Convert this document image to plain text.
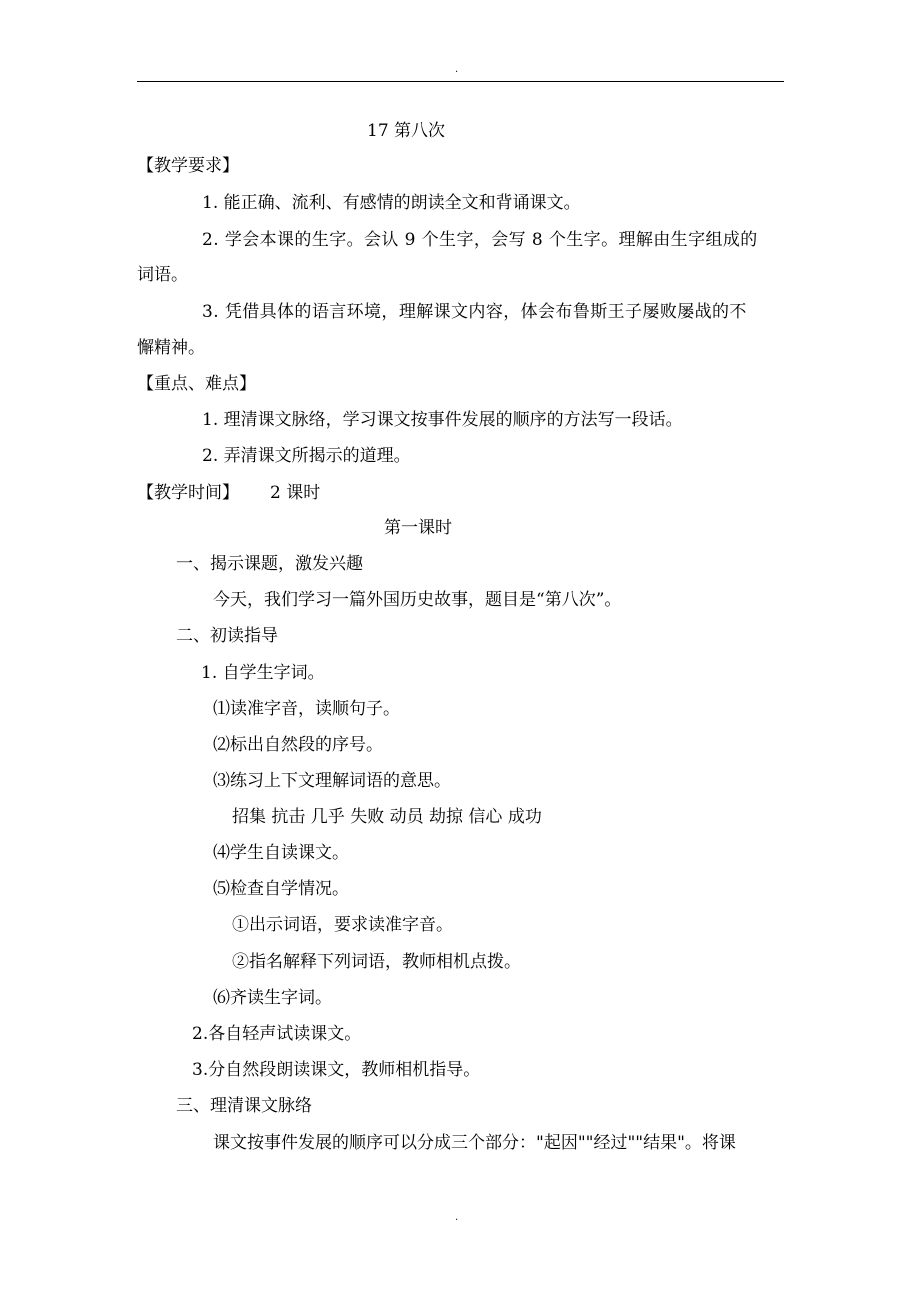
.
17 第八次
【教学要求】
1. 能正确、流利、有感情的朗读全文和背诵课文。
2. 学会本课的生字。会认 9 个生字，会写 8 个生字。理解由生字组成的
词语。
3. 凭借具体的语言环境，理解课文内容，体会布鲁斯王子屡败屡战的不
懈精神。
【重点、难点】
1. 理清课文脉络，学习课文按事件发展的顺序的方法写一段话。
2. 弄清课文所揭示的道理。
【教学时间】 2 课时
第一课时
一、揭示课题，激发兴趣
今天，我们学习一篇外国历史故事，题目是“第八次”。
二、初读指导
1. 自学生字词。
⑴读准字音，读顺句子。
⑵标出自然段的序号。
⑶练习上下文理解词语的意思。
招集 抗击 几乎 失败 动员 劫掠 信心 成功
⑷学生自读课文。
⑸检查自学情况。
①出示词语，要求读准字音。
②指名解释下列词语，教师相机点拨。
⑹齐读生字词。
2.各自轻声试读课文。
3.分自然段朗读课文，教师相机指导。
三、理清课文脉络
课文按事件发展的顺序可以分成三个部分："起因""经过""结果"。将课
.
